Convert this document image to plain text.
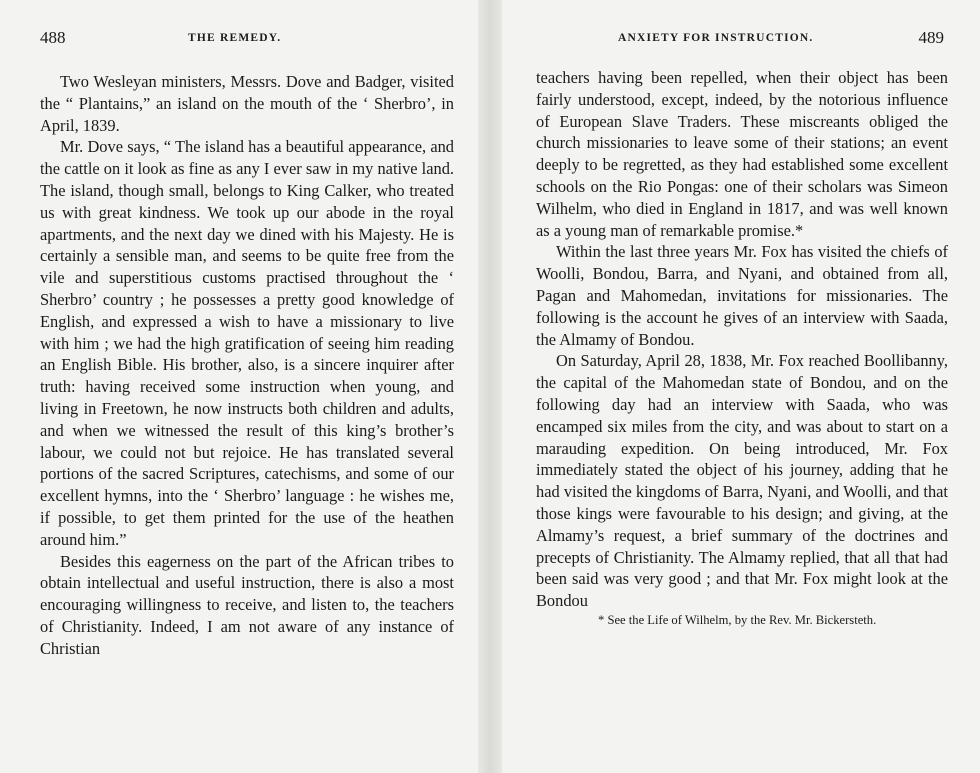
488	THE REMEDY.

Two Wesleyan ministers, Messrs. Dove and Badger, visited the “ Plantains,” an island on the mouth of the ‘ Sherbro’, in April, 1839.

Mr. Dove says, “ The island has a beautiful appearance, and the cattle on it look as fine as any I ever saw in my native land. The island, though small, belongs to King Calker, who treated us with great kindness. We took up our abode in the royal apartments, and the next day we dined with his Majesty. He is certainly a sensible man, and seems to be quite free from the vile and superstitious customs practised throughout the ‘ Sherbro’ country ; he possesses a pretty good knowledge of English, and expressed a wish to have a missionary to live with him ; we had the high gratification of seeing him reading an English Bible. His brother, also, is a sincere inquirer after truth: having received some instruction when young, and living in Freetown, he now instructs both children and adults, and when we witnessed the result of this king’s brother’s labour, we could not but rejoice. He has translated several portions of the sacred Scriptures, catechisms, and some of our excellent hymns, into the ‘ Sherbro’ language : he wishes me, if possible, to get them printed for the use of the heathen around him.”

Besides this eagerness on the part of the African tribes to obtain intellectual and useful instruction, there is also a most encouraging willingness to receive, and listen to, the teachers of Christianity. Indeed, I am not aware of any instance of Christian

ANXIETY FOR INSTRUCTION.	489

teachers having been repelled, when their object has been fairly understood, except, indeed, by the notorious influence of European Slave Traders. These miscreants obliged the church missionaries to leave some of their stations; an event deeply to be regretted, as they had established some excellent schools on the Rio Pongas: one of their scholars was Simeon Wilhelm, who died in England in 1817, and was well known as a young man of remarkable promise.*

Within the last three years Mr. Fox has visited the chiefs of Woolli, Bondou, Barra, and Nyani, and obtained from all, Pagan and Mahomedan, invitations for missionaries. The following is the account he gives of an interview with Saada, the Almamy of Bondou.

On Saturday, April 28, 1838, Mr. Fox reached Boollibanny, the capital of the Mahomedan state of Bondou, and on the following day had an interview with Saada, who was encamped six miles from the city, and was about to start on a marauding expedition. On being introduced, Mr. Fox immediately stated the object of his journey, adding that he had visited the kingdoms of Barra, Nyani, and Woolli, and that those kings were favourable to his design; and giving, at the Almamy’s request, a brief summary of the doctrines and precepts of Christianity. The Almamy replied, that all that had been said was very good ; and that Mr. Fox might look at the Bondou

* See the Life of Wilhelm, by the Rev. Mr. Bickersteth.
